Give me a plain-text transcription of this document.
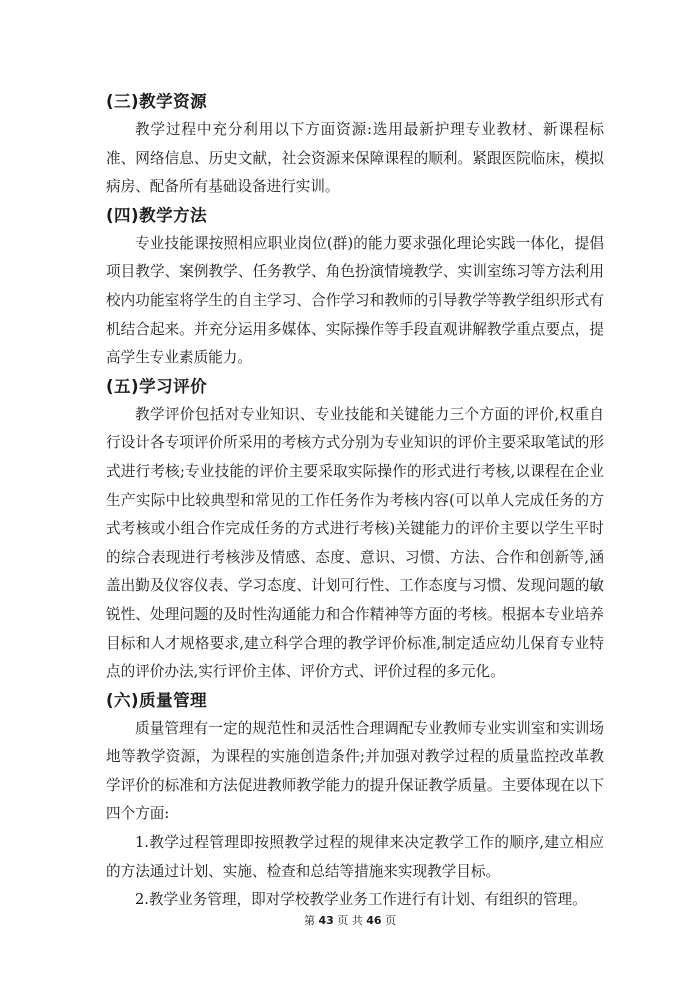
(三)教学资源

教学过程中充分利用以下方面资源:选用最新护理专业教材、新课程标准、网络信息、历史文献，社会资源来保障课程的顺利。紧跟医院临床，模拟病房、配备所有基础设备进行实训。

(四)教学方法

专业技能课按照相应职业岗位(群)的能力要求强化理论实践一体化，提倡项目教学、案例教学、任务教学、角色扮演情境教学、实训室练习等方法利用校内功能室将学生的自主学习、合作学习和教师的引导教学等教学组织形式有机结合起来。并充分运用多媒体、实际操作等手段直观讲解教学重点要点，提高学生专业素质能力。

(五)学习评价

教学评价包括对专业知识、专业技能和关键能力三个方面的评价,权重自行设计各专项评价所采用的考核方式分别为专业知识的评价主要采取笔试的形式进行考核;专业技能的评价主要采取实际操作的形式进行考核,以课程在企业生产实际中比较典型和常见的工作任务作为考核内容(可以单人完成任务的方式考核或小组合作完成任务的方式进行考核)关键能力的评价主要以学生平时的综合表现进行考核涉及情感、态度、意识、习惯、方法、合作和创新等,涵盖出勤及仪容仪表、学习态度、计划可行性、工作态度与习惯、发现问题的敏锐性、处理问题的及时性沟通能力和合作精神等方面的考核。根据本专业培养目标和人才规格要求,建立科学合理的教学评价标准,制定适应幼儿保育专业特点的评价办法,实行评价主体、评价方式、评价过程的多元化。

(六)质量管理

质量管理有一定的规范性和灵活性合理调配专业教师专业实训室和实训场地等教学资源，为课程的实施创造条件;并加强对教学过程的质量监控改革教学评价的标准和方法促进教师教学能力的提升保证教学质量。主要体现在以下四个方面:

1.教学过程管理即按照教学过程的规律来决定教学工作的顺序,建立相应的方法通过计划、实施、检查和总结等措施来实现教学目标。

2.教学业务管理，即对学校教学业务工作进行有计划、有组织的管理。

第 43 页 共 46 页
